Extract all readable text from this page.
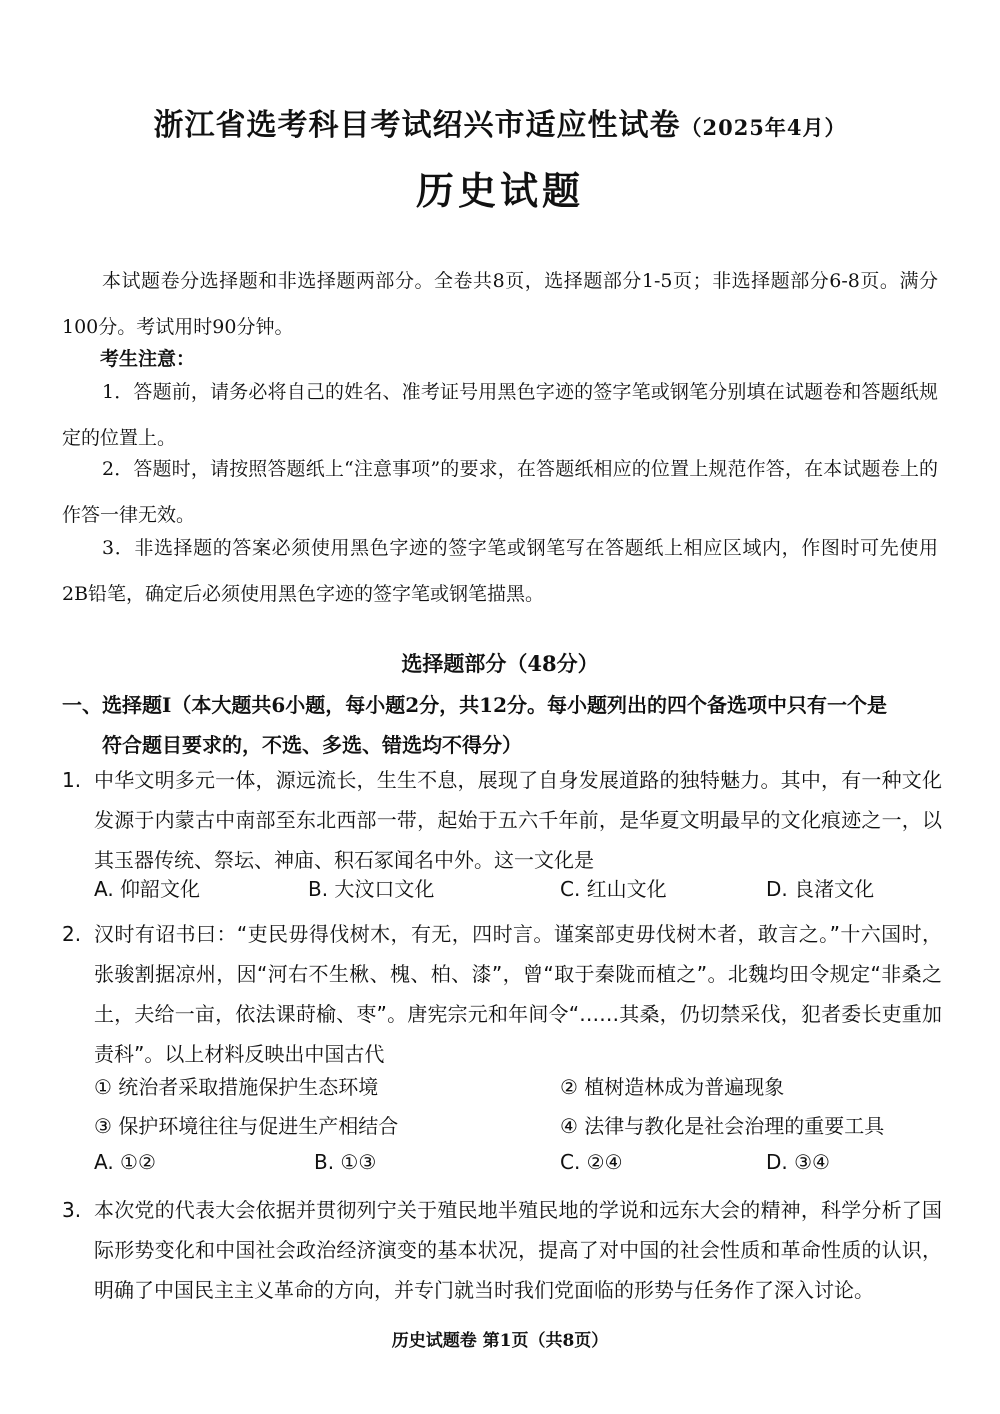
浙江省选考科目考试绍兴市适应性试卷（2025年4月）
历史试题
本试题卷分选择题和非选择题两部分。全卷共8页，选择题部分1-5页；非选择题部分6-8页。满分100分。考试用时90分钟。
考生注意：
1．答题前，请务必将自己的姓名、准考证号用黑色字迹的签字笔或钢笔分别填在试题卷和答题纸规定的位置上。
2．答题时，请按照答题纸上“注意事项”的要求，在答题纸相应的位置上规范作答，在本试题卷上的作答一律无效。
3．非选择题的答案必须使用黑色字迹的签字笔或钢笔写在答题纸上相应区域内，作图时可先使用2B铅笔，确定后必须使用黑色字迹的签字笔或钢笔描黑。
选择题部分（48分）
一、选择题Ⅰ（本大题共6小题，每小题2分，共12分。每小题列出的四个备选项中只有一个是
符合题目要求的，不选、多选、错选均不得分）
1. 中华文明多元一体，源远流长，生生不息，展现了自身发展道路的独特魅力。其中，有一种文化发源于内蒙古中南部至东北西部一带，起始于五六千年前，是华夏文明最早的文化痕迹之一，以其玉器传统、祭坛、神庙、积石冢闻名中外。这一文化是
A. 仰韶文化	B. 大汶口文化	C. 红山文化	D. 良渚文化
2. 汉时有诏书曰：“吏民毋得伐树木，有无，四时言。谨案部吏毋伐树木者，敢言之。”十六国时，张骏割据凉州，因“河右不生楸、槐、柏、漆”，曾“取于秦陇而植之”。北魏均田令规定“非桑之土，夫给一亩，依法课莳榆、枣”。唐宪宗元和年间令“……其桑，仍切禁采伐，犯者委长吏重加责科”。以上材料反映出中国古代
① 统治者采取措施保护生态环境	② 植树造林成为普遍现象
③ 保护环境往往与促进生产相结合	④ 法律与教化是社会治理的重要工具
A. ①②	B. ①③	C. ②④	D. ③④
3. 本次党的代表大会依据并贯彻列宁关于殖民地半殖民地的学说和远东大会的精神，科学分析了国际形势变化和中国社会政治经济演变的基本状况，提高了对中国的社会性质和革命性质的认识，明确了中国民主主义革命的方向，并专门就当时我们党面临的形势与任务作了深入讨论。
历史试题卷 第1页（共8页）
